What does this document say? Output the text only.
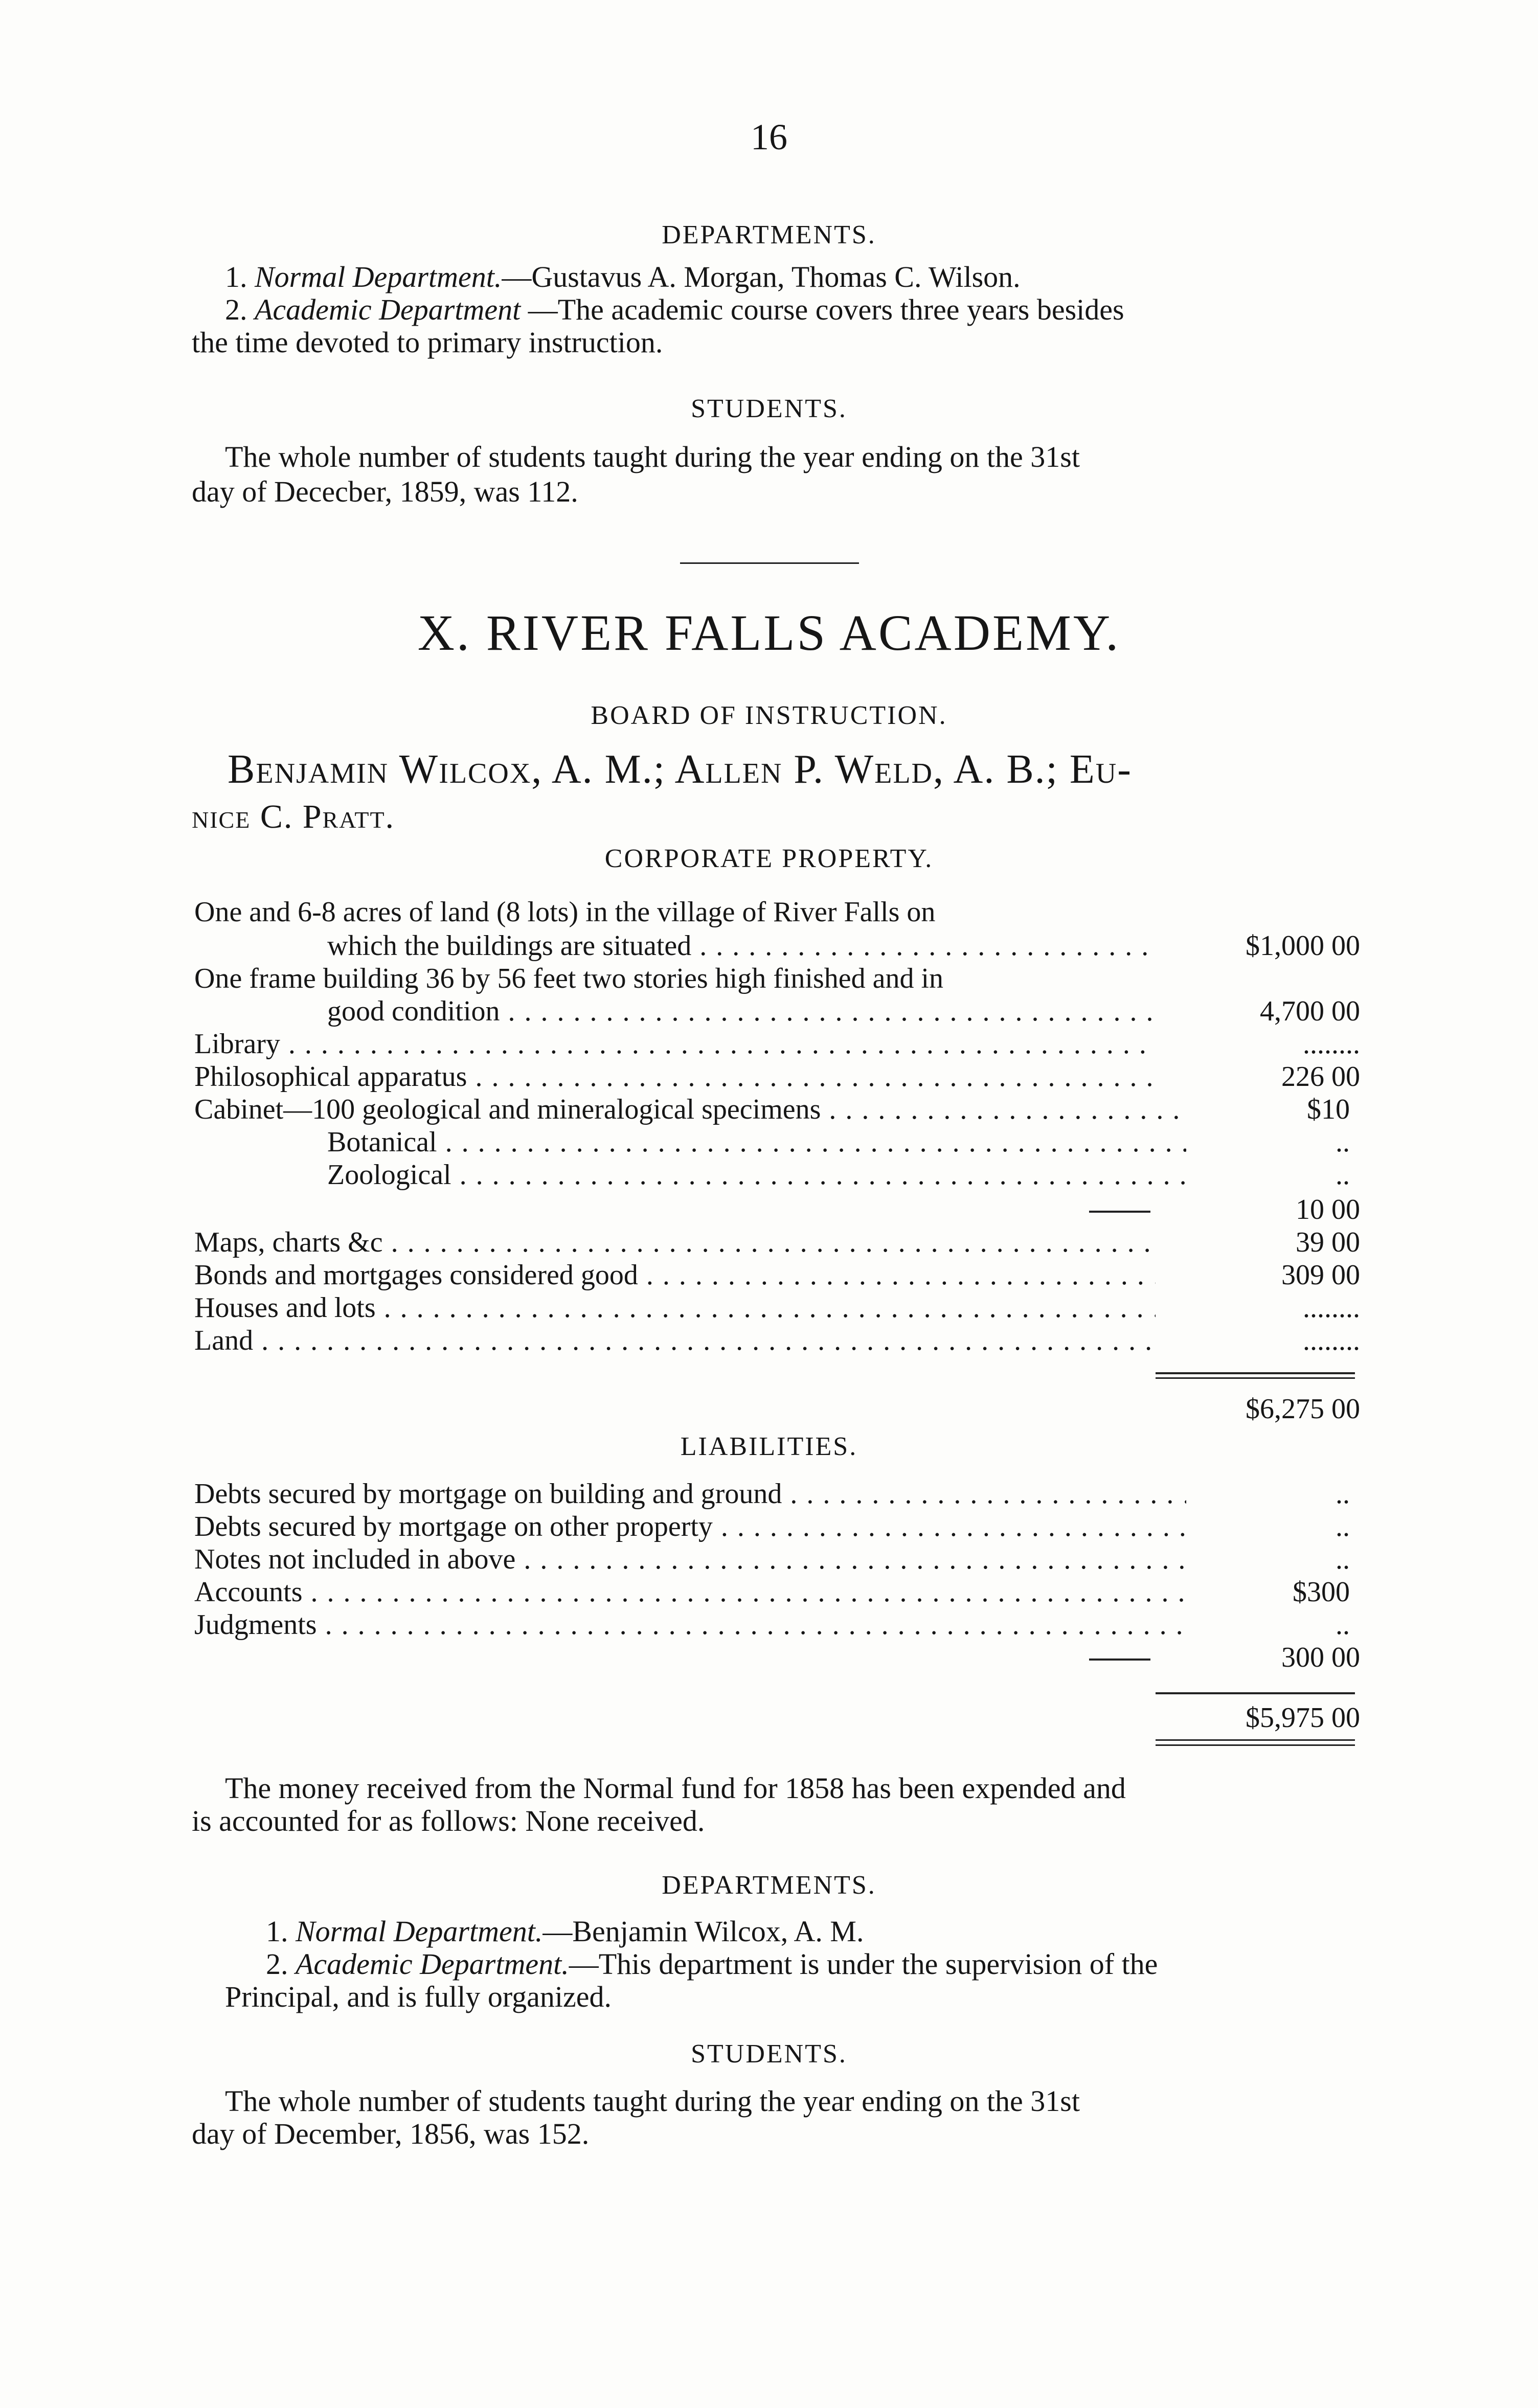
16
DEPARTMENTS.
1. Normal Department.—Gustavus A. Morgan, Thomas C. Wilson.
2. Academic Department —The academic course covers three years besides
the time devoted to primary instruction.
STUDENTS.
The whole number of students taught during the year ending on the 31st
day of Dececber, 1859, was 112.
X. RIVER FALLS ACADEMY.
BOARD OF INSTRUCTION.
Benjamin Wilcox, A. M.; Allen P. Weld, A. B.; Eu-
nice C. Pratt.
CORPORATE PROPERTY.
One and 6-8 acres of land (8 lots) in the village of River Falls on
which the buildings are situated . . .	$1,000 00
One frame building 36 by 56 feet two stories high finished and in
good condition . . .	4,700 00
Library . . .	........
Philosophical apparatus . . .	226 00
Cabinet—100 geological and mineralogical specimens . . .	$10
Botanical . . .	..
Zoological . . .	..
10 00
Maps, charts &c . . .	39 00
Bonds and mortgages considered good . . .	309 00
Houses and lots . . .	........
Land . . .	........
$6,275 00
LIABILITIES.
Debts secured by mortgage on building and ground . . .	..
Debts secured by mortgage on other property . . .	..
Notes not included in above . . .	..
Accounts . . .	$300
Judgments . . .	..
300 00
$5,975 00
The money received from the Normal fund for 1858 has been expended and
is accounted for as follows: None received.
DEPARTMENTS.
1. Normal Department.—Benjamin Wilcox, A. M.
2. Academic Department.—This department is under the supervision of the
Principal, and is fully organized.
STUDENTS.
The whole number of students taught during the year ending on the 31st
day of December, 1856, was 152.
